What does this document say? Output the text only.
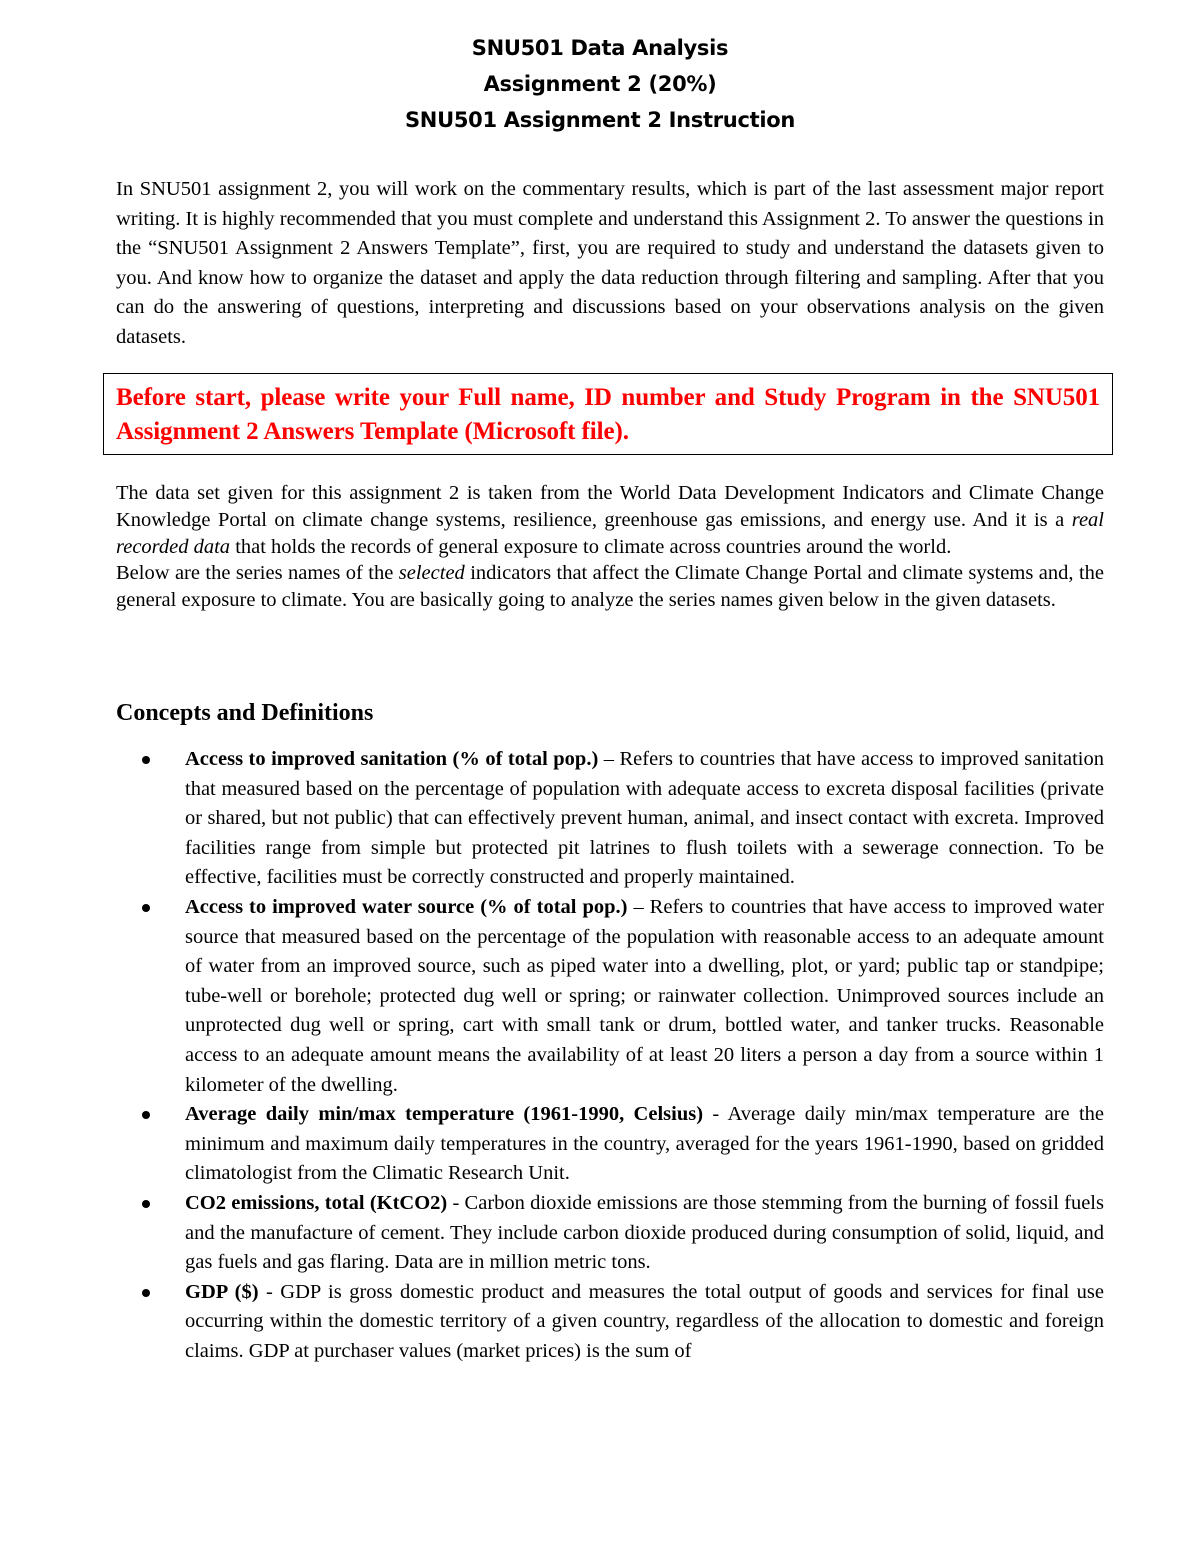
SNU501 Data Analysis
Assignment 2 (20%)
SNU501 Assignment 2 Instruction

In SNU501 assignment 2, you will work on the commentary results, which is part of the last assessment major report writing. It is highly recommended that you must complete and understand this Assignment 2. To answer the questions in the “SNU501 Assignment 2 Answers Template”, first, you are required to study and understand the datasets given to you. And know how to organize the dataset and apply the data reduction through filtering and sampling. After that you can do the answering of questions, interpreting and discussions based on your observations analysis on the given datasets.

Before start, please write your Full name, ID number and Study Program in the SNU501 Assignment 2 Answers Template (Microsoft file).

The data set given for this assignment 2 is taken from the World Data Development Indicators and Climate Change Knowledge Portal on climate change systems, resilience, greenhouse gas emissions, and energy use. And it is a real recorded data that holds the records of general exposure to climate across countries around the world.

Below are the series names of the selected indicators that affect the Climate Change Portal and climate systems and, the general exposure to climate. You are basically going to analyze the series names given below in the given datasets.

Concepts and Definitions
Access to improved sanitation (% of total pop.) – Refers to countries that have access to improved sanitation that measured based on the percentage of population with adequate access to excreta disposal facilities (private or shared, but not public) that can effectively prevent human, animal, and insect contact with excreta. Improved facilities range from simple but protected pit latrines to flush toilets with a sewerage connection. To be effective, facilities must be correctly constructed and properly maintained.
Access to improved water source (% of total pop.) – Refers to countries that have access to improved water source that measured based on the percentage of the population with reasonable access to an adequate amount of water from an improved source, such as piped water into a dwelling, plot, or yard; public tap or standpipe; tube-well or borehole; protected dug well or spring; or rainwater collection. Unimproved sources include an unprotected dug well or spring, cart with small tank or drum, bottled water, and tanker trucks. Reasonable access to an adequate amount means the availability of at least 20 liters a person a day from a source within 1 kilometer of the dwelling.
Average daily min/max temperature (1961-1990, Celsius) - Average daily min/max temperature are the minimum and maximum daily temperatures in the country, averaged for the years 1961-1990, based on gridded climatologist from the Climatic Research Unit.
CO2 emissions, total (KtCO2) - Carbon dioxide emissions are those stemming from the burning of fossil fuels and the manufacture of cement. They include carbon dioxide produced during consumption of solid, liquid, and gas fuels and gas flaring. Data are in million metric tons.
GDP ($) - GDP is gross domestic product and measures the total output of goods and services for final use occurring within the domestic territory of a given country, regardless of the allocation to domestic and foreign claims. GDP at purchaser values (market prices) is the sum of
